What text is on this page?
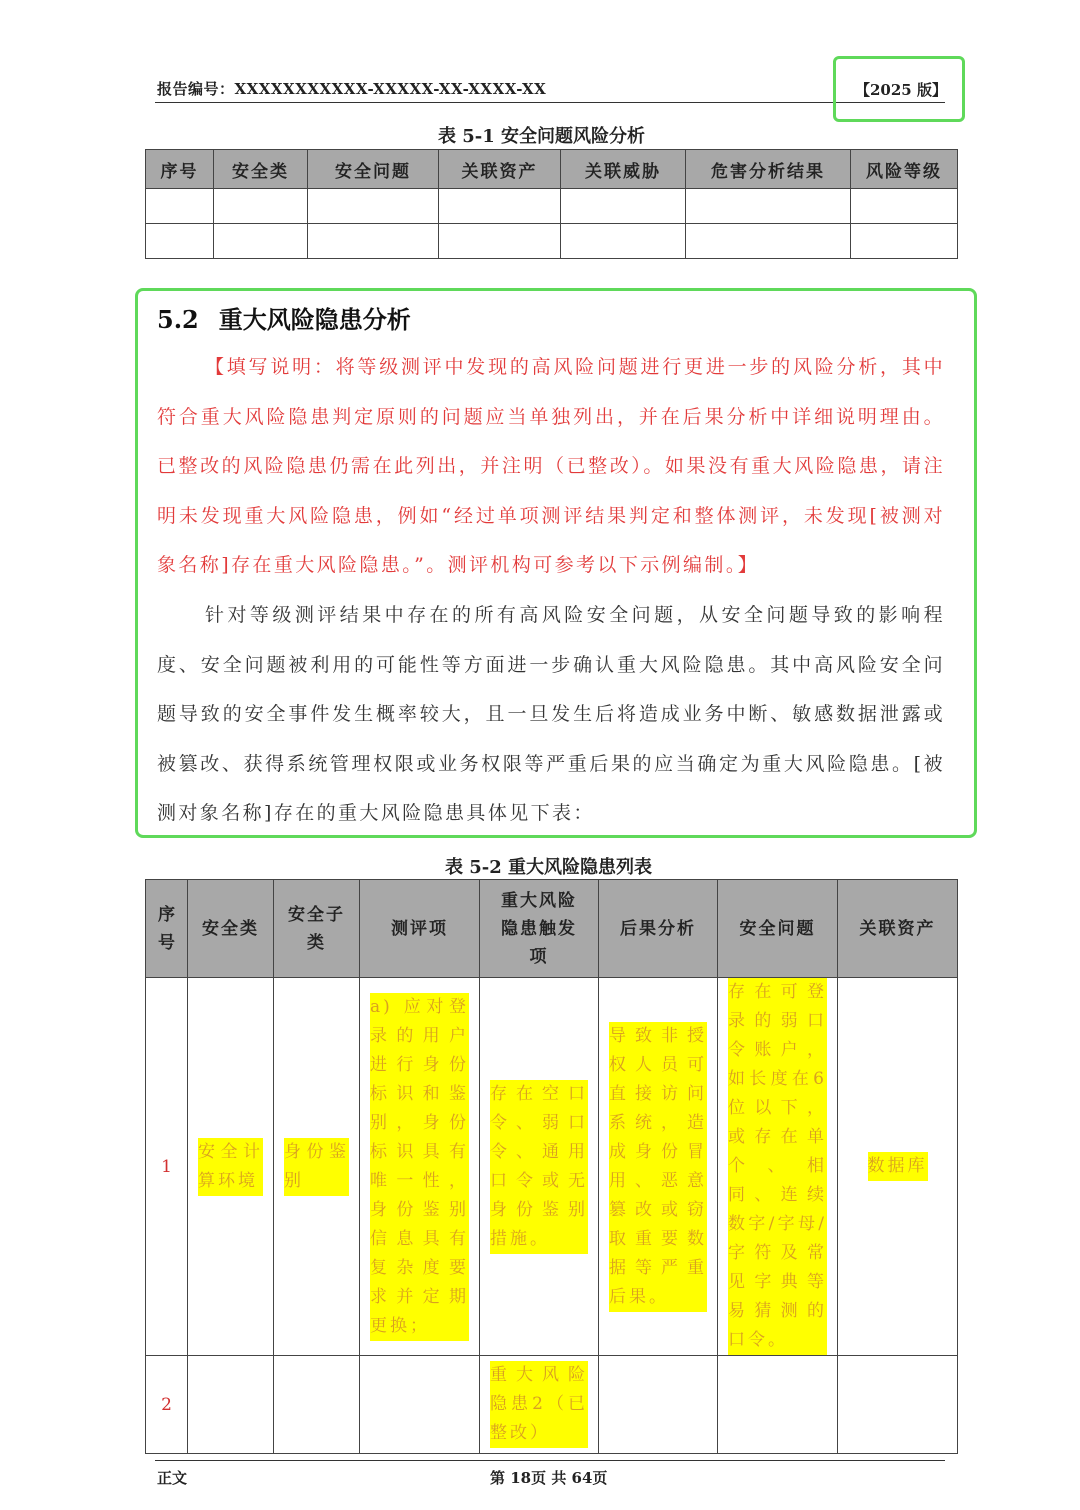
报告编号：XXXXXXXXXXX-XXXXX-XX-XXXX-XX	【2025 版】
表 5-1 安全问题风险分析
序号	安全类	安全问题	关联资产	关联威胁	危害分析结果	风险等级

5.2 重大风险隐患分析
【填写说明：将等级测评中发现的高风险问题进行更进一步的风险分析，其中符合重大风险隐患判定原则的问题应当单独列出，并在后果分析中详细说明理由。已整改的风险隐患仍需在此列出，并注明（已整改）。如果没有重大风险隐患，请注明未发现重大风险隐患，例如“经过单项测评结果判定和整体测评，未发现[被测对象名称]存在重大风险隐患。”。测评机构可参考以下示例编制。】
针对等级测评结果中存在的所有高风险安全问题，从安全问题导致的影响程度、安全问题被利用的可能性等方面进一步确认重大风险隐患。其中高风险安全问题导致的安全事件发生概率较大，且一旦发生后将造成业务中断、敏感数据泄露或被篡改、获得系统管理权限或业务权限等严重后果的应当确定为重大风险隐患。[被测对象名称]存在的重大风险隐患具体见下表：
表 5-2 重大风险隐患列表
序号	安全类	安全子类	测评项	重大风险隐患触发项	后果分析	安全问题	关联资产
1	安全计算环境	身份鉴别	a) 应对登录的用户进行身份标识和鉴别，身份标识具有唯一性，身份鉴别信息具有复杂度要求并定期更换；	存在空口令、弱口令、通用口令或无身份鉴别措施。	导致非授权人员可直接访问系统，造成身份冒用、恶意篡改或窃取重要数据等严重后果。	存在可登录的弱口令账户，如长度在6位以下，或存在单个、相同、连续数字/字母/字符及常见字典等易猜测的口令。	数据库
2				重大风险隐患2（已整改）			
正文	第 18页 共 64页
